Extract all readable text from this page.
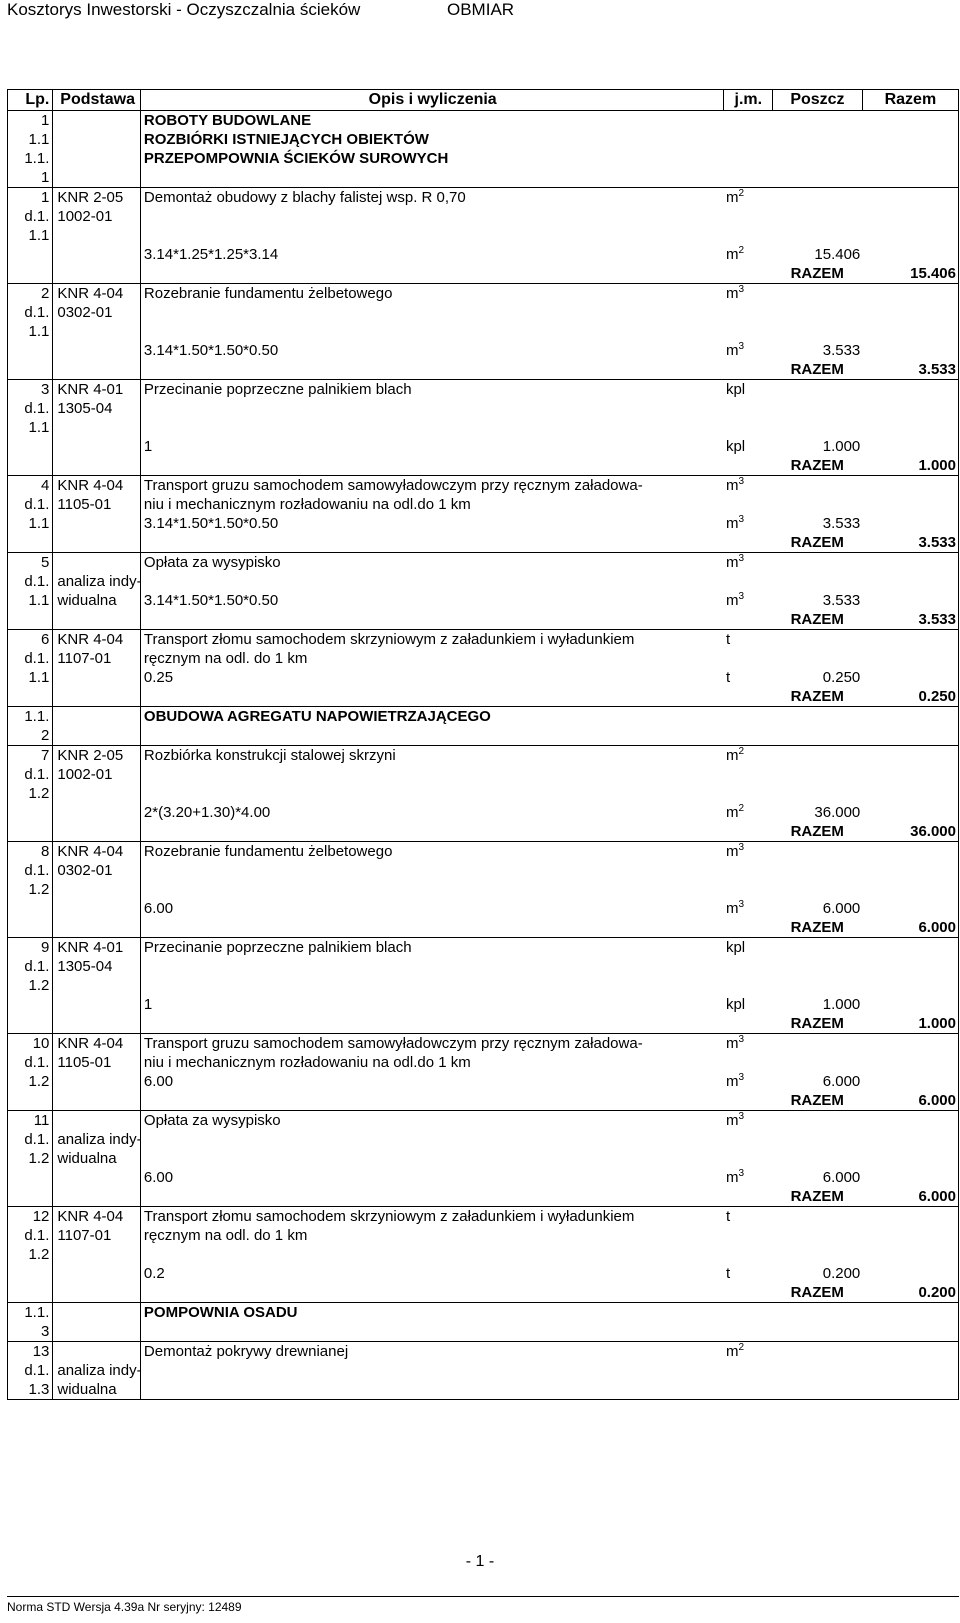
Kosztorys Inwestorski - Oczyszczalnia ścieków	OBMIAR
Lp.	Podstawa	Opis i wyliczenia	j.m.	Poszcz	Razem
1		ROBOTY BUDOWLANE			
1.1		ROZBIÓRKI ISTNIEJĄCYCH OBIEKTÓW			
1.1.		PRZEPOMPOWNIA ŚCIEKÓW SUROWYCH			
1					
1	KNR 2-05	Demontaż obudowy z blachy falistej wsp. R 0,70	$m^2$		
d.1.	1002-01				
1.1					
		3.14*1.25*1.25*3.14	$m^2$	15.406	
				RAZEM	15.406
2	KNR 4-04	Rozebranie fundamentu żelbetowego	$m^3$		
d.1.	0302-01				
1.1					
		3.14*1.50*1.50*0.50	$m^3$	3.533	
				RAZEM	3.533
3	KNR 4-01	Przecinanie poprzeczne palnikiem blach	kpl		
d.1.	1305-04				
1.1					
		1	kpl	1.000	
				RAZEM	1.000
4	KNR 4-04	Transport gruzu samochodem samowyładowczym przy ręcznym załadowa-	$m^3$		
d.1.	1105-01	niu i mechanicznym rozładowaniu na odl.do 1 km			
1.1		3.14*1.50*1.50*0.50	$m^3$	3.533	
				RAZEM	3.533
5		Opłata za wysypisko	$m^3$		
d.1.	analiza indy-				
1.1	widualna	3.14*1.50*1.50*0.50	$m^3$	3.533	
				RAZEM	3.533
6	KNR 4-04	Transport złomu samochodem skrzyniowym z załadunkiem i wyładunkiem	t		
d.1.	1107-01	ręcznym na odl. do 1 km			
1.1		0.25	t	0.250	
				RAZEM	0.250
1.1.		OBUDOWA AGREGATU NAPOWIETRZAJĄCEGO			
2					
7	KNR 2-05	Rozbiórka konstrukcji stalowej skrzyni	$m^2$		
d.1.	1002-01				
1.2					
		2*(3.20+1.30)*4.00	$m^2$	36.000	
				RAZEM	36.000
8	KNR 4-04	Rozebranie fundamentu żelbetowego	$m^3$		
d.1.	0302-01				
1.2					
		6.00	$m^3$	6.000	
				RAZEM	6.000
9	KNR 4-01	Przecinanie poprzeczne palnikiem blach	kpl		
d.1.	1305-04				
1.2					
		1	kpl	1.000	
				RAZEM	1.000
10	KNR 4-04	Transport gruzu samochodem samowyładowczym przy ręcznym załadowa-	$m^3$		
d.1.	1105-01	niu i mechanicznym rozładowaniu na odl.do 1 km			
1.2		6.00	$m^3$	6.000	
				RAZEM	6.000
11		Opłata za wysypisko	$m^3$		
d.1.	analiza indy-				
1.2	widualna				
		6.00	$m^3$	6.000	
				RAZEM	6.000
12	KNR 4-04	Transport złomu samochodem skrzyniowym z załadunkiem i wyładunkiem	t		
d.1.	1107-01	ręcznym na odl. do 1 km			
1.2					
		0.2	t	0.200	
				RAZEM	0.200
1.1.		POMPOWNIA OSADU			
3					
13		Demontaż pokrywy drewnianej	$m^2$		
d.1.	analiza indy-				
1.3	widualna				
- 1 -
Norma STD Wersja 4.39a Nr seryjny: 12489
